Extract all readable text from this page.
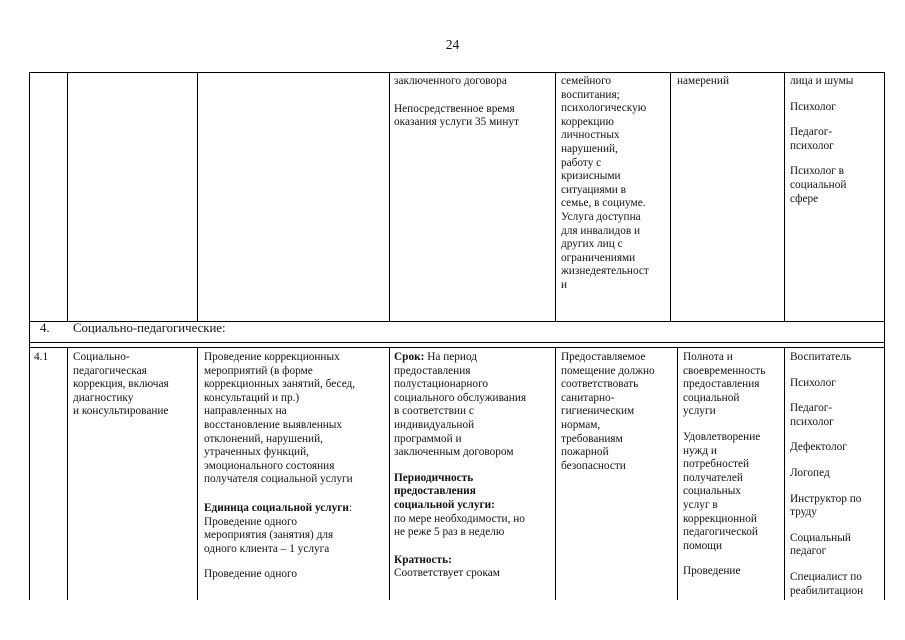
24

заключенного договора

Непосредственное время оказания услуги 35 минут

семейного

воспитания;

психологическую

коррекцию

личностных

нарушений,

работу с

кризисными

ситуациями в

семье, в социуме.

Услуга доступна

для инвалидов и

других лиц с

ограничениями

жизнедеятельност

и

намерений	лица и шумы

Психолог

Педагог-

психолог

Психолог в

социальной

сфере

4. Социально-педагогические:
4.1 Социально-

педагогическая

коррекция, включая

диагностику

и консультирование

Проведение коррекционных

мероприятий (в форме

коррекционных занятий, бесед,

консультаций и пр.)

направленных на

восстановление выявленных

отклонений, нарушений,

утраченных функций,

эмоционального состояния

получателя социальной услуги

Единица социальной услуги:

Проведение одного

мероприятия (занятия) для

одного клиента – 1 услуга

Проведение одного

Срок: На период

предоставления

полустационарного

социального обслуживания

в соответствии с

индивидуальной

программой и

заключенным договором

Периодичность

предоставления

социальной услуги:

по мере необходимости, но

не реже 5 раз в неделю

Кратность:

Соответствует срокам

Предоставляемое

помещение должно

соответствовать

санитарно-

гигиеническим

нормам,

требованиям

пожарной

безопасности

Полнота и

своевременность

предоставления

социальной

услуги

Удовлетворение

нужд и

потребностей

получателей

социальных

услуг в

коррекционной

педагогической

помощи

Проведение

Воспитатель

Психолог

Педагог-

психолог

Дефектолог

Логопед

Инструктор по

труду

Социальный

педагог

Специалист по

реабилитацион
